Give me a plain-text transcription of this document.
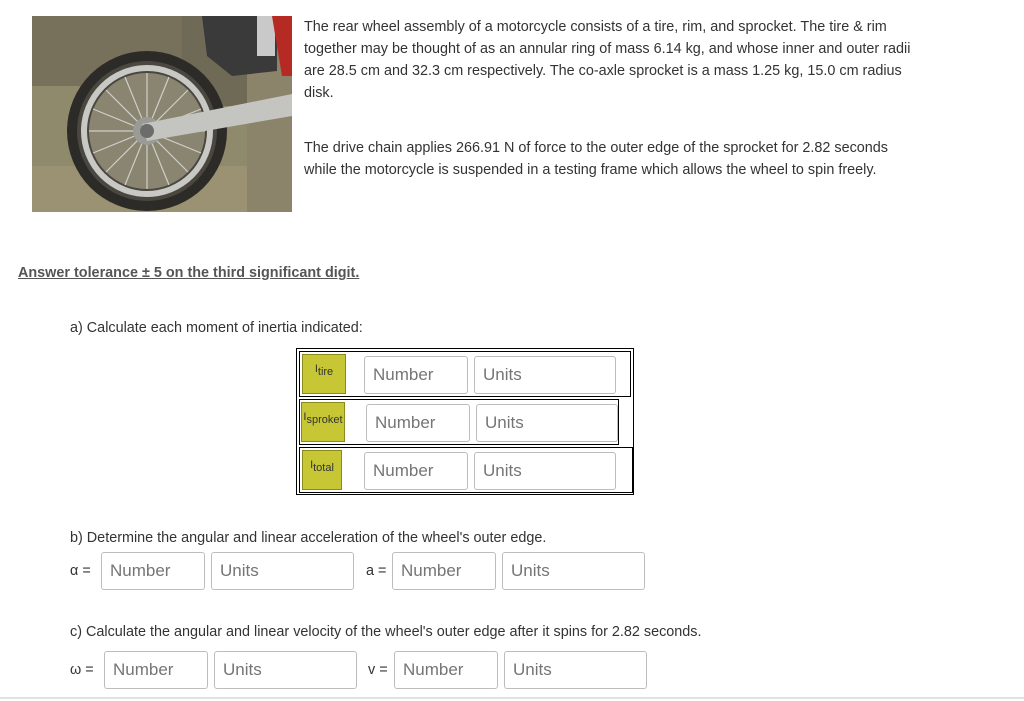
The rear wheel assembly of a motorcycle consists of a tire, rim, and sprocket. The tire & rim together may be thought of as an annular ring of mass 6.14 kg, and whose inner and outer radii are 28.5 cm and 32.3 cm respectively. The co-axle sprocket is a mass 1.25 kg, 15.0 cm radius disk.

The drive chain applies 266.91 N of force to the outer edge of the sprocket for 2.82 seconds while the motorcycle is suspended in a testing frame which allows the wheel to spin freely.

Answer tolerance ± 5 on the third significant digit.
a) Calculate each moment of inertia indicated:
Itire
Number
Units
Isproket
Number
Units
Itotal
Number
Units
b) Determine the angular and linear acceleration of the wheel's outer edge.
α =
Number
Units	a =
Number
Units
c) Calculate the angular and linear velocity of the wheel's outer edge after it spins for 2.82 seconds.
ω =
Number
Units	v =
Number
Units
